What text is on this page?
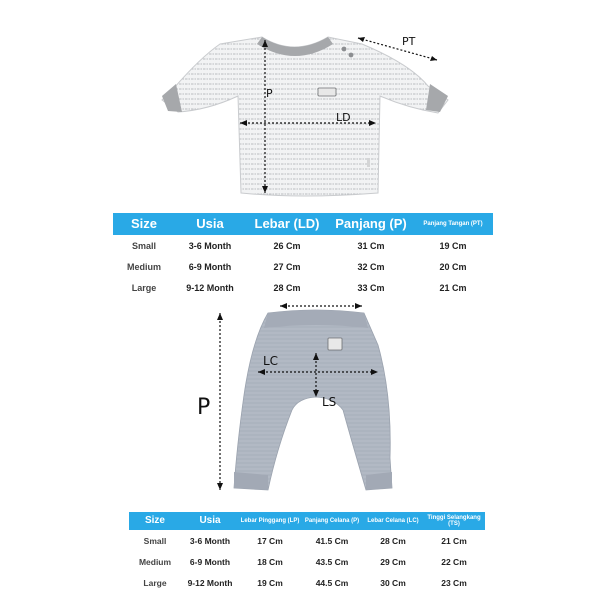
PT
P
LD
LC
LS
P
Size	Usia	Lebar (LD)	Panjang (P)	Panjang Tangan (PT)
Small	3-6 Month	26 Cm	31 Cm	19 Cm
Medium	6-9 Month	27 Cm	32 Cm	20 Cm
Large	9-12 Month	28 Cm	33 Cm	21 Cm
Size	Usia	Lebar Pinggang (LP)	Panjang Celana (P)	Lebar Celana (LC)	Tinggi Selangkang (TS)
Small	3-6 Month	17 Cm	41.5 Cm	28 Cm	21 Cm
Medium	6-9 Month	18 Cm	43.5 Cm	29 Cm	22 Cm
Large	9-12 Month	19 Cm	44.5 Cm	30 Cm	23 Cm
